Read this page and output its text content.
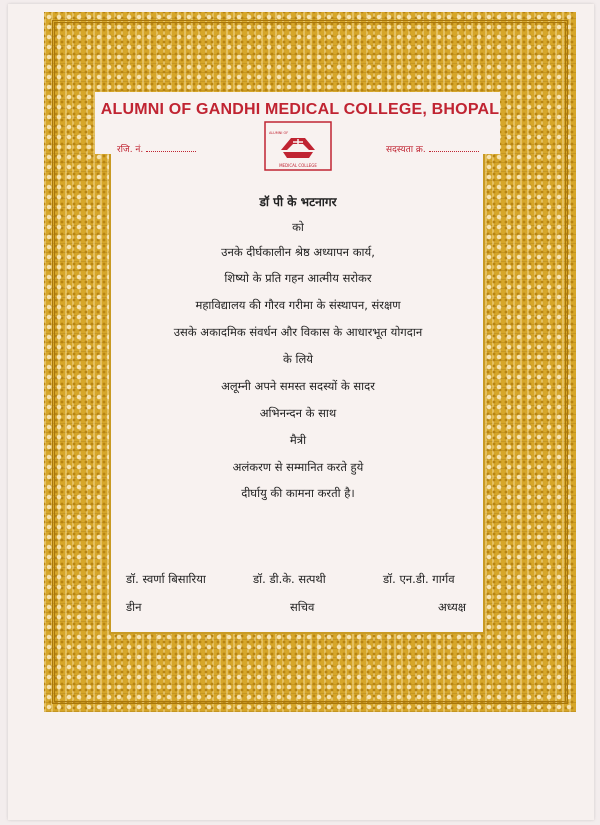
ALUMNI OF GANDHI MEDICAL COLLEGE, BHOPAL
रजि. नं.	सदस्यता क्र.
MEDICAL COLLEGE
ALUMNI OF
डॉ पी के भटनागर
को
उनके दीर्घकालीन श्रेष्ठ अध्यापन कार्य,
शिष्यो के प्रति गहन आत्मीय सरोकर
महाविद्यालय की गौरव गरीमा के संस्थापन, संरक्षण
उसके अकादमिक संवर्धन और विकास के आधारभूत योगदान
के लिये
अलूम्नी अपने समस्त सदस्यों के सादर
अभिनन्दन के साथ
मैत्री
अलंकरण से सम्मानित करते हुये
दीर्घायु की कामना करती है।
डॉ. स्वर्णा बिसारिया	डॉ. डी.के. सत्पथी	डॉ. एन.डी. गार्गव
डीन	सचिव	अध्यक्ष
